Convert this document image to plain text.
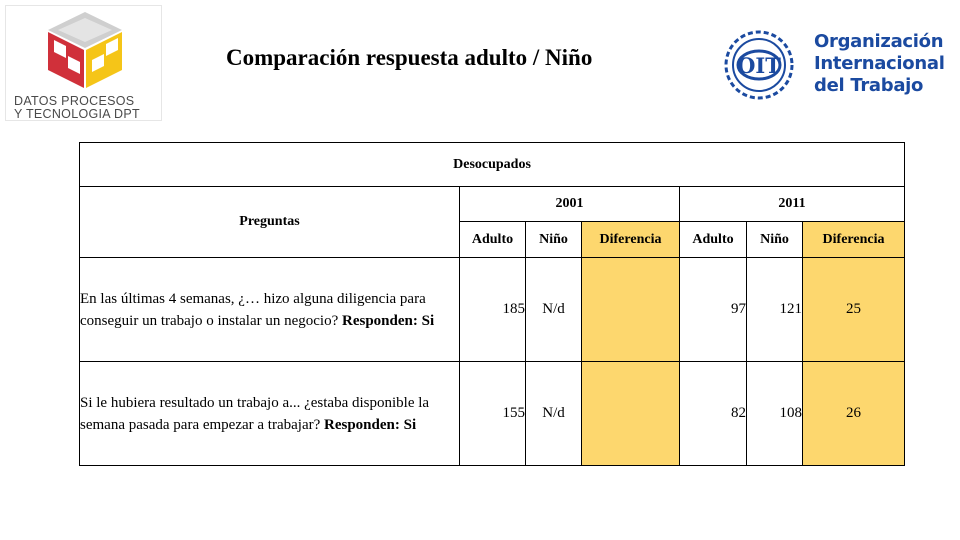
DATOS PROCESOS
Y TECNOLOGIA DPT
Comparación respuesta adulto / Niño	OIT
Organización
Internacional
del Trabajo
Desocupados						
Preguntas	2001			2011		
	Adulto	Niño	Diferencia	Adulto	Niño	Diferencia
En las últimas 4 semanas, ¿… hizo alguna diligencia para conseguir un trabajo o instalar un negocio? Responden: Si	185	N/d		97	121	25
Si le hubiera resultado un trabajo a... ¿estaba disponible la semana pasada para empezar a trabajar? Responden: Si	155	N/d		82	108	26
